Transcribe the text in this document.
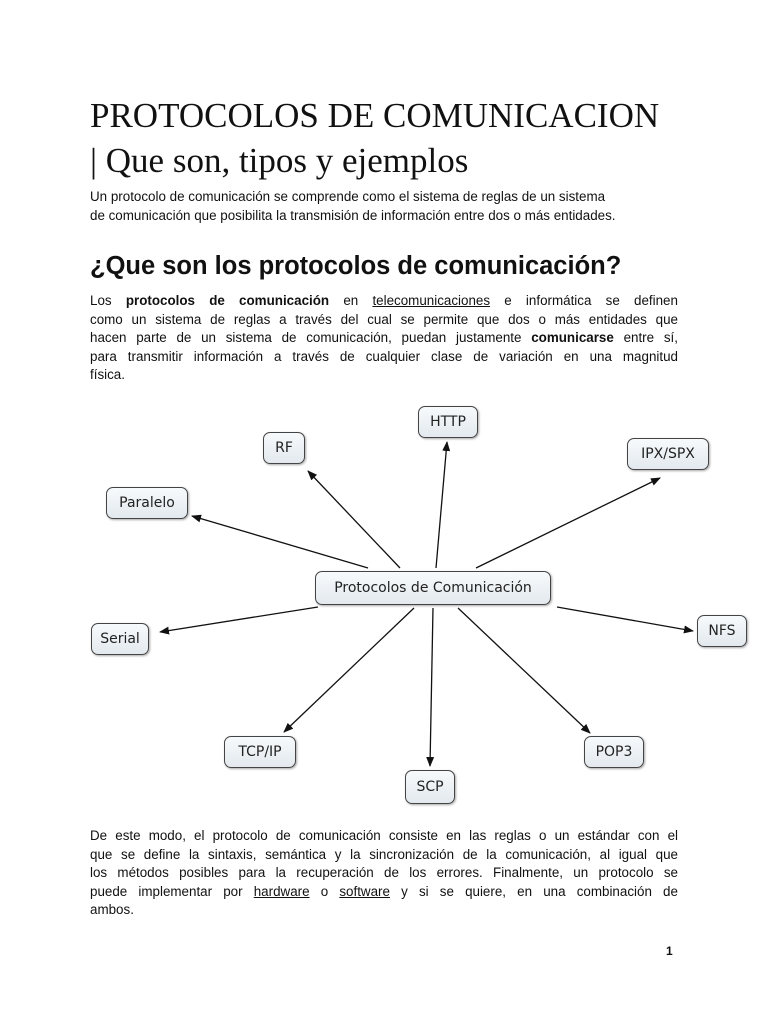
PROTOCOLOS DE COMUNICACION
| Que son, tipos y ejemplos

Un protocolo de comunicación se comprende como el sistema de reglas de un sistema
de comunicación que posibilita la transmisión de información entre dos o más entidades.

¿Que son los protocolos de comunicación?

Los protocolos de comunicación en telecomunicaciones e informática se definen
como un sistema de reglas a través del cual se permite que dos o más entidades que
hacen parte de un sistema de comunicación, puedan justamente comunicarse entre sí,
para transmitir información a través de cualquier clase de variación en una magnitud
física.

Protocolos de Comunicación
HTTP
RF	IPX/SPX
Paralelo
Serial	NFS
TCP/IP	POP3
SCP

De este modo, el protocolo de comunicación consiste en las reglas o un estándar con el
que se define la sintaxis, semántica y la sincronización de la comunicación, al igual que
los métodos posibles para la recuperación de los errores. Finalmente, un protocolo se
puede implementar por hardware o software y si se quiere, en una combinación de
ambos.

1
